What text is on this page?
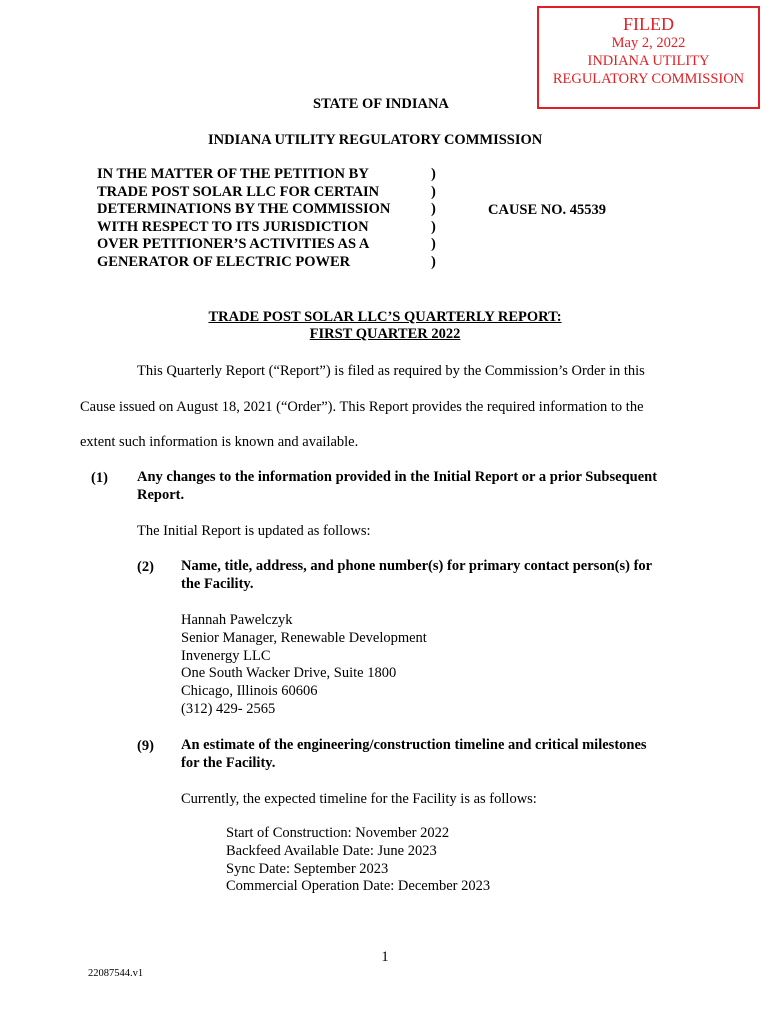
FILED
May 2, 2022
INDIANA UTILITY
REGULATORY COMMISSION
STATE OF INDIANA
INDIANA UTILITY REGULATORY COMMISSION
IN THE MATTER OF THE PETITION BY
TRADE POST SOLAR LLC FOR CERTAIN
DETERMINATIONS BY THE COMMISSION
WITH RESPECT TO ITS JURISDICTION
OVER PETITIONER’S ACTIVITIES AS A
GENERATOR OF ELECTRIC POWER
)
)
)
)
)
)
CAUSE NO. 45539
TRADE POST SOLAR LLC’S QUARTERLY REPORT:
FIRST QUARTER 2022
This Quarterly Report (“Report”) is filed as required by the Commission’s Order in this
Cause issued on August 18, 2021 (“Order”). This Report provides the required information to the
extent such information is known and available.
(1) Any changes to the information provided in the Initial Report or a prior Subsequent
Report.
The Initial Report is updated as follows:
(2) Name, title, address, and phone number(s) for primary contact person(s) for
the Facility.
Hannah Pawelczyk
Senior Manager, Renewable Development
Invenergy LLC
One South Wacker Drive, Suite 1800
Chicago, Illinois 60606
(312) 429- 2565
(9) An estimate of the engineering/construction timeline and critical milestones
for the Facility.
Currently, the expected timeline for the Facility is as follows:
Start of Construction: November 2022
Backfeed Available Date: June 2023
Sync Date: September 2023
Commercial Operation Date: December 2023
1
22087544.v1
